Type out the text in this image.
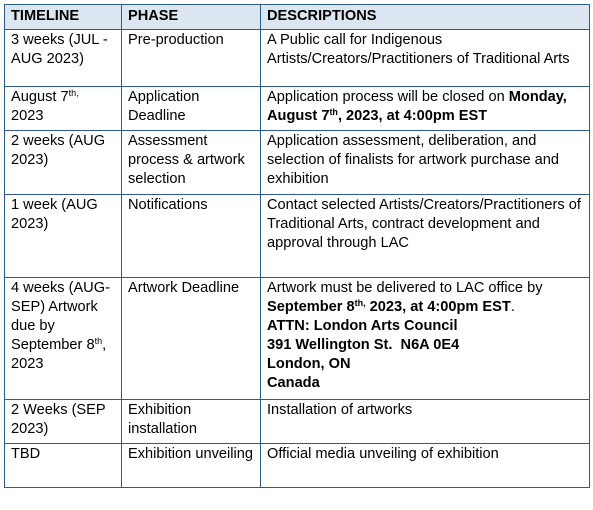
TIMELINE	PHASE	DESCRIPTIONS
3 weeks (JUL -AUG 2023)	Pre-production	A Public call for Indigenous Artists/Creators/Practitioners of Traditional Arts
August $7^{th,}$ 2023	Application Deadline	Application process will be closed on Monday, August 7th, 2023, at 4:00pm EST
2 weeks (AUG 2023)	Assessment process & artwork selection	Application assessment, deliberation, and selection of finalists for artwork purchase and exhibition
1 week (AUG 2023)	Notifications	Contact selected Artists/Creators/Practitioners of Traditional Arts, contract development and approval through LAC
4 weeks (AUG-SEP) Artwork due by September 8th, 2023	Artwork Deadline	Artwork must be delivered to LAC office by September $8^{th,}$ 2023, at 4:00pm EST.
ATTN: London Arts Council
391 Wellington St.  N6A 0E4
London, ON
Canada

2 Weeks (SEP 2023)	Exhibition installation	Installation of artworks
TBD	Exhibition unveiling	Official media unveiling of exhibition
